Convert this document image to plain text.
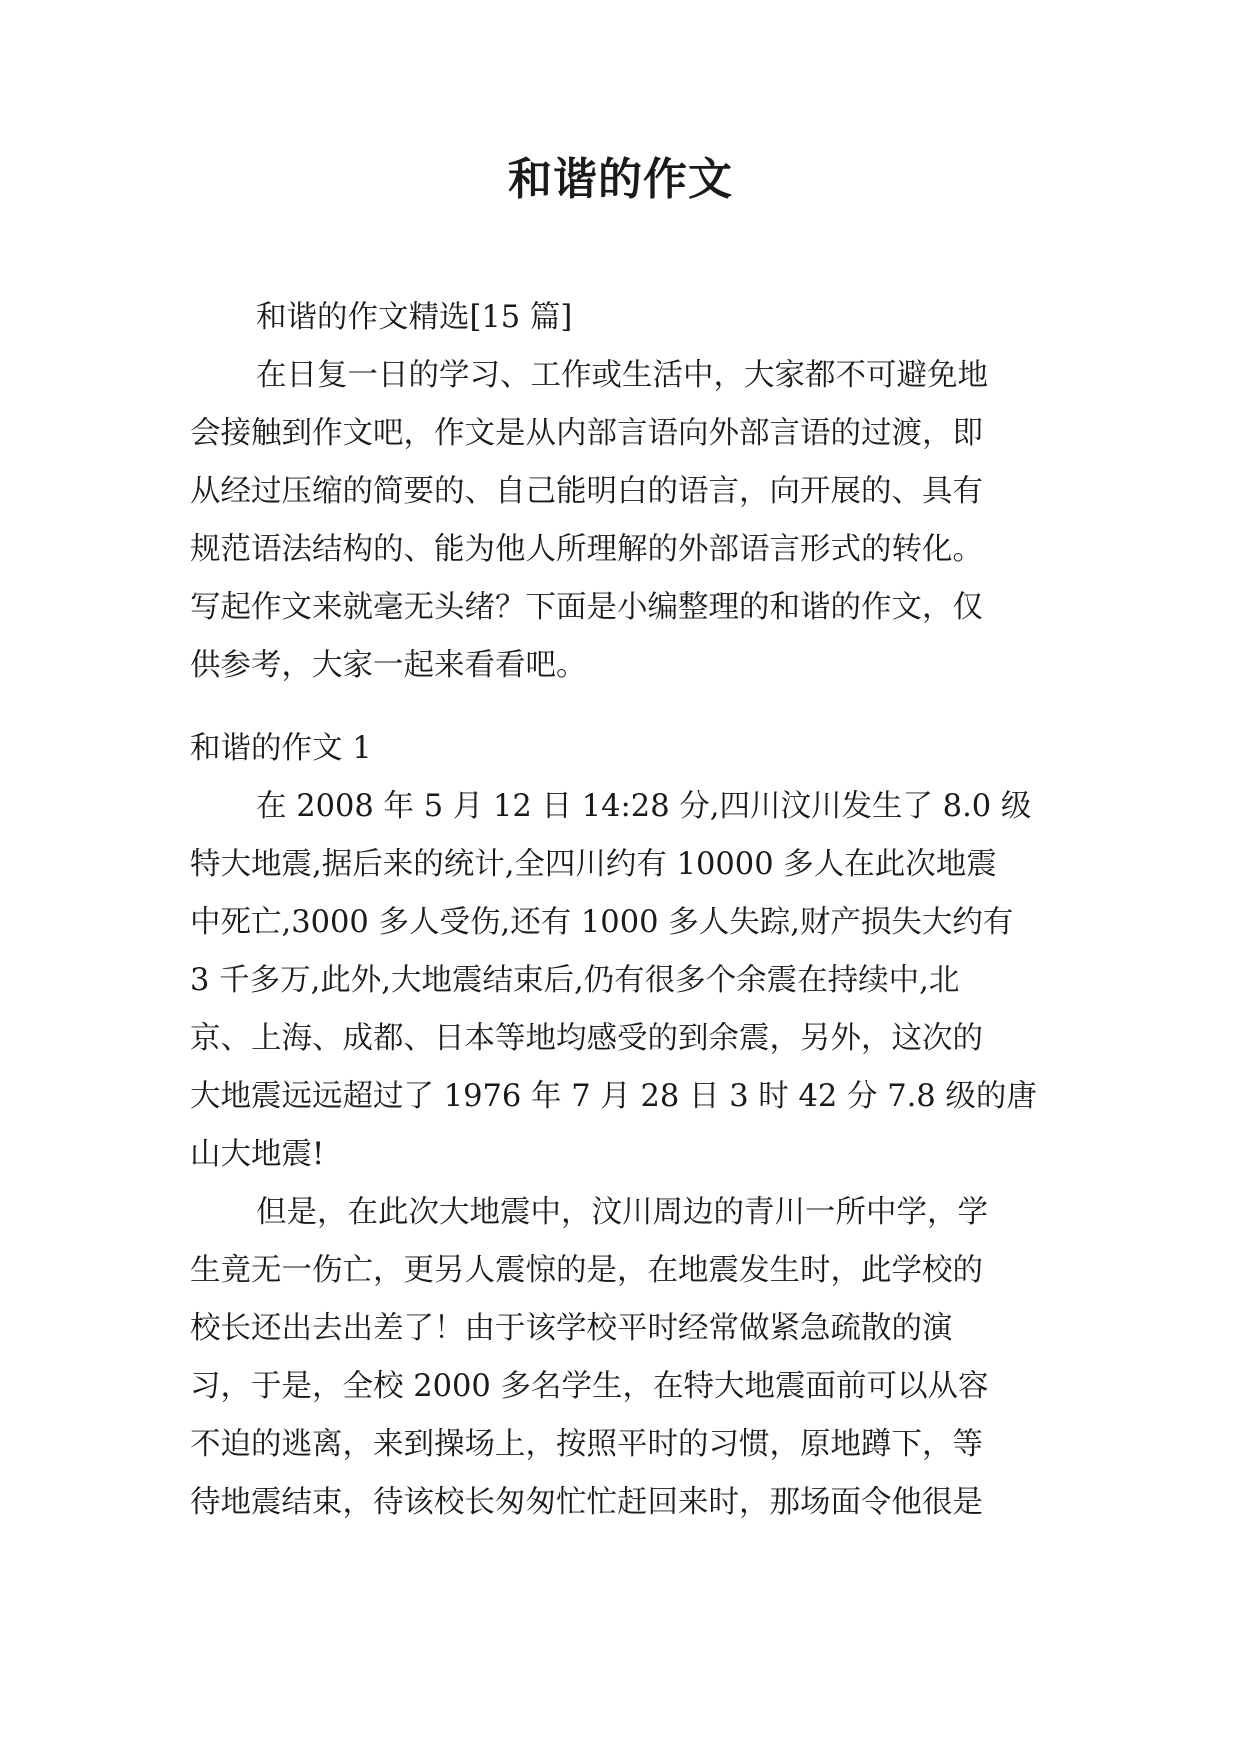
和谐的作文

和谐的作文精选[15 篇]

在日复一日的学习、工作或生活中，大家都不可避免地

会接触到作文吧，作文是从内部言语向外部言语的过渡，即

从经过压缩的简要的、自己能明白的语言，向开展的、具有

规范语法结构的、能为他人所理解的外部语言形式的转化。

写起作文来就毫无头绪？下面是小编整理的和谐的作文，仅

供参考，大家一起来看看吧。

和谐的作文 1

在 2008 年 5 月 12 日 14:28 分,四川汶川发生了 8.0 级

特大地震,据后来的统计,全四川约有 10000 多人在此次地震

中死亡,3000 多人受伤,还有 1000 多人失踪,财产损失大约有

3 千多万,此外,大地震结束后,仍有很多个余震在持续中,北

京、上海、成都、日本等地均感受的到余震，另外，这次的

大地震远远超过了 1976 年 7 月 28 日 3 时 42 分 7.8 级的唐

山大地震!

但是，在此次大地震中，汶川周边的青川一所中学，学

生竟无一伤亡，更另人震惊的是，在地震发生时，此学校的

校长还出去出差了！由于该学校平时经常做紧急疏散的演

习，于是，全校 2000 多名学生，在特大地震面前可以从容

不迫的逃离，来到操场上，按照平时的习惯，原地蹲下，等

待地震结束，待该校长匆匆忙忙赶回来时，那场面令他很是
